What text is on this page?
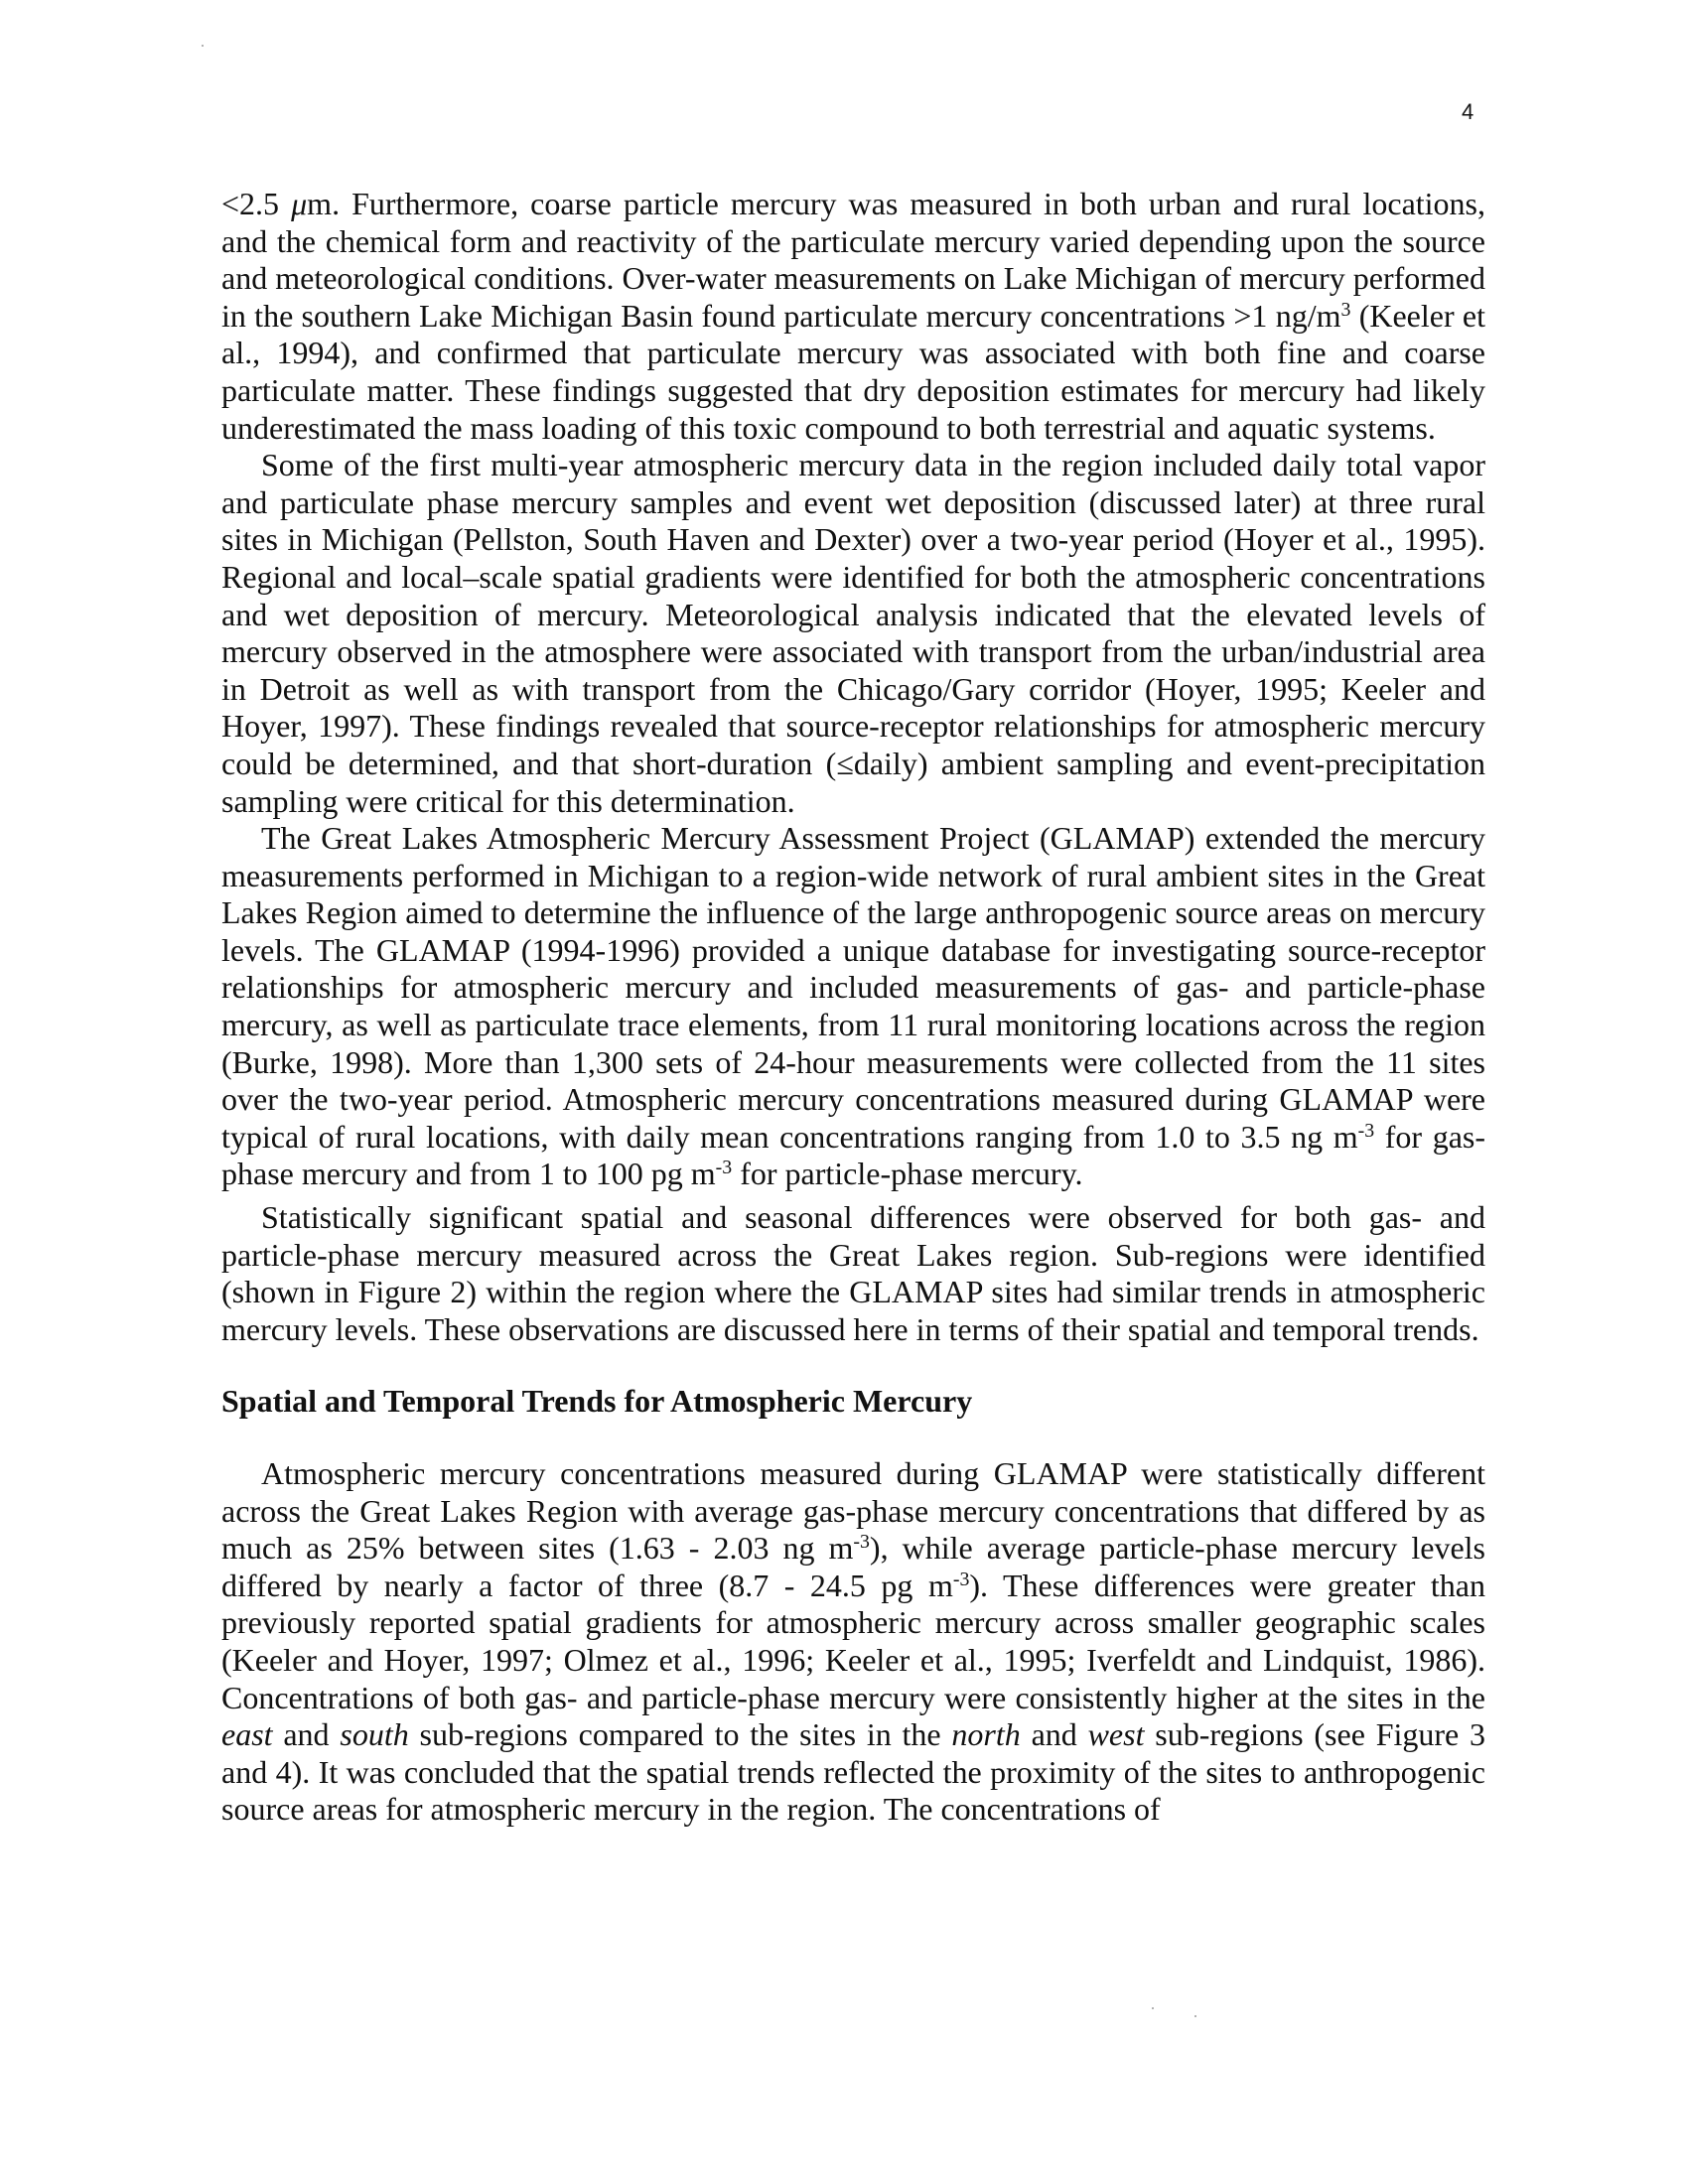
4

<2.5 μm. Furthermore, coarse particle mercury was measured in both urban and rural locations, and the chemical form and reactivity of the particulate mercury varied depending upon the source and meteorological conditions. Over-water measurements on Lake Michigan of mercury performed in the southern Lake Michigan Basin found particulate mercury concentrations >1 $ng/m^3$ (Keeler et al., 1994), and confirmed that particulate mercury was associated with both fine and coarse particulate matter. These findings suggested that dry deposition estimates for mercury had likely underestimated the mass loading of this toxic compound to both terrestrial and aquatic systems.

Some of the first multi-year atmospheric mercury data in the region included daily total vapor and particulate phase mercury samples and event wet deposition (discussed later) at three rural sites in Michigan (Pellston, South Haven and Dexter) over a two-year period (Hoyer et al., 1995). Regional and local–scale spatial gradients were identified for both the atmospheric concentrations and wet deposition of mercury. Meteorological analysis indicated that the elevated levels of mercury observed in the atmosphere were associated with transport from the urban/industrial area in Detroit as well as with transport from the Chicago/Gary corridor (Hoyer, 1995; Keeler and Hoyer, 1997). These findings revealed that source-receptor relationships for atmospheric mercury could be determined, and that short-duration (≤daily) ambient sampling and event-precipitation sampling were critical for this determination.

The Great Lakes Atmospheric Mercury Assessment Project (GLAMAP) extended the mercury measurements performed in Michigan to a region-wide network of rural ambient sites in the Great Lakes Region aimed to determine the influence of the large anthropogenic source areas on mercury levels. The GLAMAP (1994-1996) provided a unique database for investigating source-receptor relationships for atmospheric mercury and included measurements of gas- and particle-phase mercury, as well as particulate trace elements, from 11 rural monitoring locations across the region (Burke, 1998). More than 1,300 sets of 24-hour measurements were collected from the 11 sites over the two-year period. Atmospheric mercury concentrations measured during GLAMAP were typical of rural locations, with daily mean concentrations ranging from 1.0 to 3.5 ng $m^{-3}$ for gas-phase mercury and from 1 to 100 pg $m^{-3}$ for particle-phase mercury.

Statistically significant spatial and seasonal differences were observed for both gas- and particle-phase mercury measured across the Great Lakes region. Sub-regions were identified (shown in Figure 2) within the region where the GLAMAP sites had similar trends in atmospheric mercury levels. These observations are discussed here in terms of their spatial and temporal trends.

Spatial and Temporal Trends for Atmospheric Mercury

Atmospheric mercury concentrations measured during GLAMAP were statistically different across the Great Lakes Region with average gas-phase mercury concentrations that differed by as much as 25% between sites (1.63 - 2.03 ng $m^{-3}$), while average particle-phase mercury levels differed by nearly a factor of three (8.7 - 24.5 pg $m^{-3}$). These differences were greater than previously reported spatial gradients for atmospheric mercury across smaller geographic scales (Keeler and Hoyer, 1997; Olmez et al., 1996; Keeler et al., 1995; Iverfeldt and Lindquist, 1986). Concentrations of both gas- and particle-phase mercury were consistently higher at the sites in the east and south sub-regions compared to the sites in the north and west sub-regions (see Figure 3 and 4). It was concluded that the spatial trends reflected the proximity of the sites to anthropogenic source areas for atmospheric mercury in the region. The concentrations of
